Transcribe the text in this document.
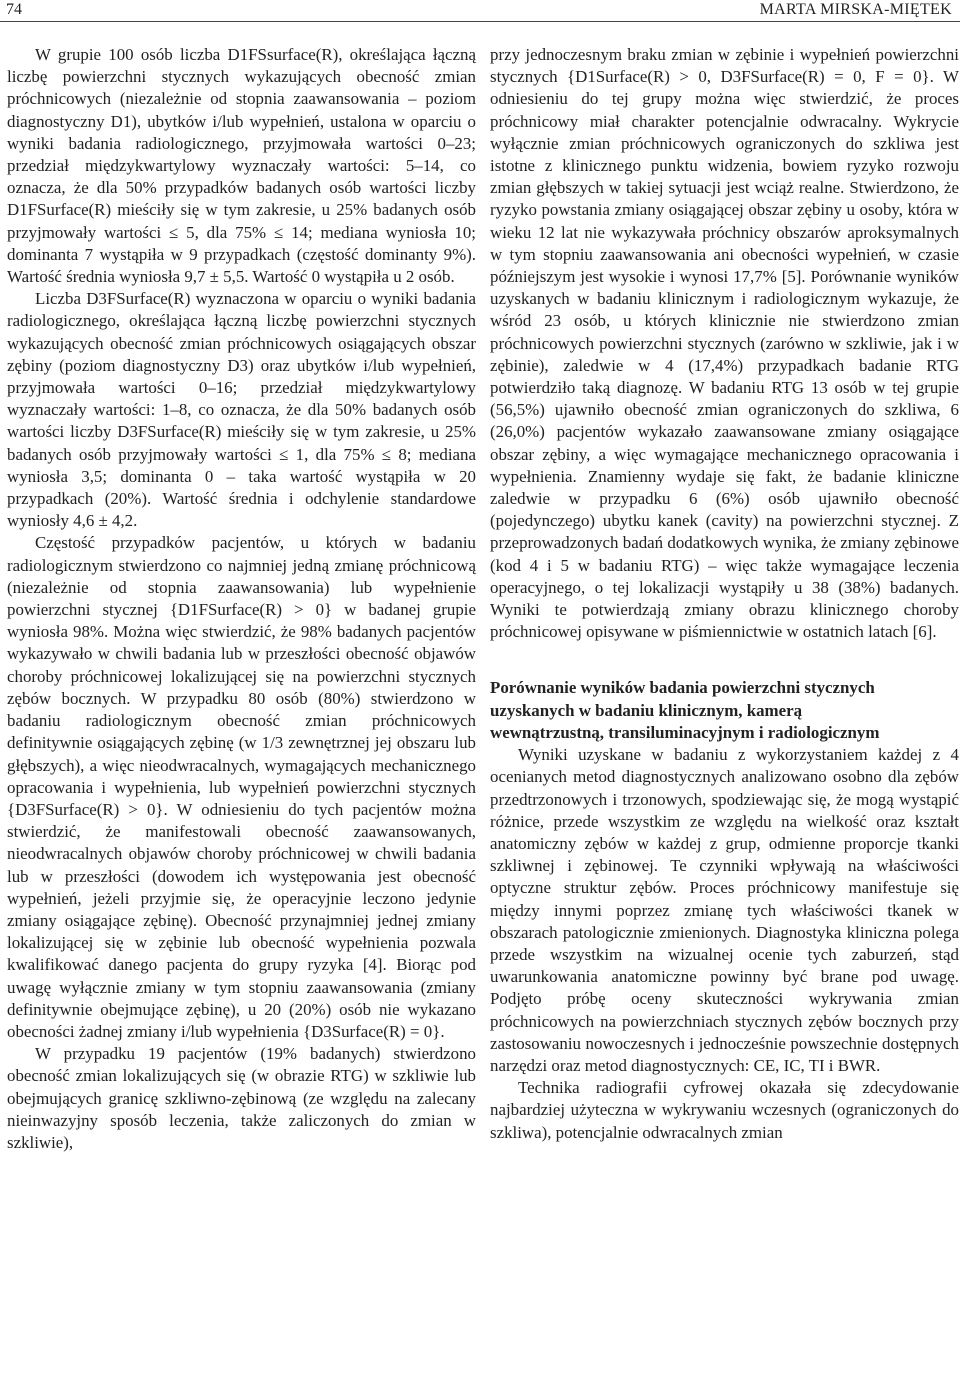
74	MARTA MIRSKA-MIĘTEK

W grupie 100 osób liczba D1FSsurface(R), określająca łączną liczbę powierzchni stycznych wykazujących obecność zmian próchnicowych (niezależnie od stopnia zaawansowania – poziom diagnostyczny D1), ubytków i/lub wypełnień, ustalona w oparciu o wyniki badania radiologicznego, przyjmowała wartości 0–23; przedział międzykwartylowy wyznaczały wartości: 5–14, co oznacza, że dla 50% przypadków badanych osób wartości liczby D1FSurface(R) mieściły się w tym zakresie, u 25% badanych osób przyjmowały wartości ≤ 5, dla 75% ≤ 14; mediana wyniosła 10; dominanta 7 wystąpiła w 9 przypadkach (częstość dominanty 9%). Wartość średnia wyniosła 9,7 ± 5,5. Wartość 0 wystąpiła u 2 osób.

Liczba D3FSurface(R) wyznaczona w oparciu o wyniki badania radiologicznego, określająca łączną liczbę powierzchni stycznych wykazujących obecność zmian próchnicowych osiągających obszar zębiny (poziom diagnostyczny D3) oraz ubytków i/lub wypełnień, przyjmowała wartości 0–16; przedział międzykwartylowy wyznaczały wartości: 1–8, co oznacza, że dla 50% badanych osób wartości liczby D3FSurface(R) mieściły się w tym zakresie, u 25% badanych osób przyjmowały wartości ≤ 1, dla 75% ≤ 8; mediana wyniosła 3,5; dominanta 0 – taka wartość wystąpiła w 20 przypadkach (20%). Wartość średnia i odchylenie standardowe wyniosły 4,6 ± 4,2.

Częstość przypadków pacjentów, u których w badaniu radiologicznym stwierdzono co najmniej jedną zmianę próchnicową (niezależnie od stopnia zaawansowania) lub wypełnienie powierzchni stycznej {D1FSurface(R) > 0} w badanej grupie wyniosła 98%. Można więc stwierdzić, że 98% badanych pacjentów wykazywało w chwili badania lub w przeszłości obecność objawów choroby próchnicowej lokalizującej się na powierzchni stycznych zębów bocznych. W przypadku 80 osób (80%) stwierdzono w badaniu radiologicznym obecność zmian próchnicowych definitywnie osiągających zębinę (w 1/3 zewnętrznej jej obszaru lub głębszych), a więc nieodwracalnych, wymagających mechanicznego opracowania i wypełnienia, lub wypełnień powierzchni stycznych {D3FSurface(R) > 0}. W odniesieniu do tych pacjentów można stwierdzić, że manifestowali obecność zaawansowanych, nieodwracalnych objawów choroby próchnicowej w chwili badania lub w przeszłości (dowodem ich występowania jest obecność wypełnień, jeżeli przyjmie się, że operacyjnie leczono jedynie zmiany osiągające zębinę). Obecność przynajmniej jednej zmiany lokalizującej się w zębinie lub obecność wypełnienia pozwala kwalifikować danego pacjenta do grupy ryzyka [4]. Biorąc pod uwagę wyłącznie zmiany w tym stopniu zaawansowania (zmiany definitywnie obejmujące zębinę), u 20 (20%) osób nie wykazano obecności żadnej zmiany i/lub wypełnienia {D3Surface(R) = 0}.

W przypadku 19 pacjentów (19% badanych) stwierdzono obecność zmian lokalizujących się (w obrazie RTG) w szkliwie lub obejmujących granicę szkliwno-zębinową (ze względu na zalecany nieinwazyjny sposób leczenia, także zaliczonych do zmian w szkliwie),

przy jednoczesnym braku zmian w zębinie i wypełnień powierzchni stycznych {D1Surface(R) > 0, D3FSurface(R) = 0, F = 0}. W odniesieniu do tej grupy można więc stwierdzić, że proces próchnicowy miał charakter potencjalnie odwracalny. Wykrycie wyłącznie zmian próchnicowych ograniczonych do szkliwa jest istotne z klinicznego punktu widzenia, bowiem ryzyko rozwoju zmian głębszych w takiej sytuacji jest wciąż realne. Stwierdzono, że ryzyko powstania zmiany osiągającej obszar zębiny u osoby, która w wieku 12 lat nie wykazywała próchnicy obszarów aproksymalnych w tym stopniu zaawansowania ani obecności wypełnień, w czasie późniejszym jest wysokie i wynosi 17,7% [5]. Porównanie wyników uzyskanych w badaniu klinicznym i radiologicznym wykazuje, że wśród 23 osób, u których klinicznie nie stwierdzono zmian próchnicowych powierzchni stycznych (zarówno w szkliwie, jak i w zębinie), zaledwie w 4 (17,4%) przypadkach badanie RTG potwierdziło taką diagnozę. W badaniu RTG 13 osób w tej grupie (56,5%) ujawniło obecność zmian ograniczonych do szkliwa, 6 (26,0%) pacjentów wykazało zaawansowane zmiany osiągające obszar zębiny, a więc wymagające mechanicznego opracowania i wypełnienia. Znamienny wydaje się fakt, że badanie kliniczne zaledwie w przypadku 6 (6%) osób ujawniło obecność (pojedynczego) ubytku kanek (cavity) na powierzchni stycznej. Z przeprowadzonych badań dodatkowych wynika, że zmiany zębinowe (kod 4 i 5 w badaniu RTG) – więc także wymagające leczenia operacyjnego, o tej lokalizacji wystąpiły u 38 (38%) badanych. Wyniki te potwierdzają zmiany obrazu klinicznego choroby próchnicowej opisywane w piśmiennictwie w ostatnich latach [6].

Porównanie wyników badania powierzchni stycznych uzyskanych w badaniu klinicznym, kamerą wewnątrzustną, transiluminacyjnym i radiologicznym

Wyniki uzyskane w badaniu z wykorzystaniem każdej z 4 ocenianych metod diagnostycznych analizowano osobno dla zębów przedtrzonowych i trzonowych, spodziewając się, że mogą wystąpić różnice, przede wszystkim ze względu na wielkość oraz kształt anatomiczny zębów w każdej z grup, odmienne proporcje tkanki szkliwnej i zębinowej. Te czynniki wpływają na właściwości optyczne struktur zębów. Proces próchnicowy manifestuje się między innymi poprzez zmianę tych właściwości tkanek w obszarach patologicznie zmienionych. Diagnostyka kliniczna polega przede wszystkim na wizualnej ocenie tych zaburzeń, stąd uwarunkowania anatomiczne powinny być brane pod uwagę. Podjęto próbę oceny skuteczności wykrywania zmian próchnicowych na powierzchniach stycznych zębów bocznych przy zastosowaniu nowoczesnych i jednocześnie powszechnie dostępnych narzędzi oraz metod diagnostycznych: CE, IC, TI i BWR.

Technika radiografii cyfrowej okazała się zdecydowanie najbardziej użyteczna w wykrywaniu wczesnych (ograniczonych do szkliwa), potencjalnie odwracalnych zmian
